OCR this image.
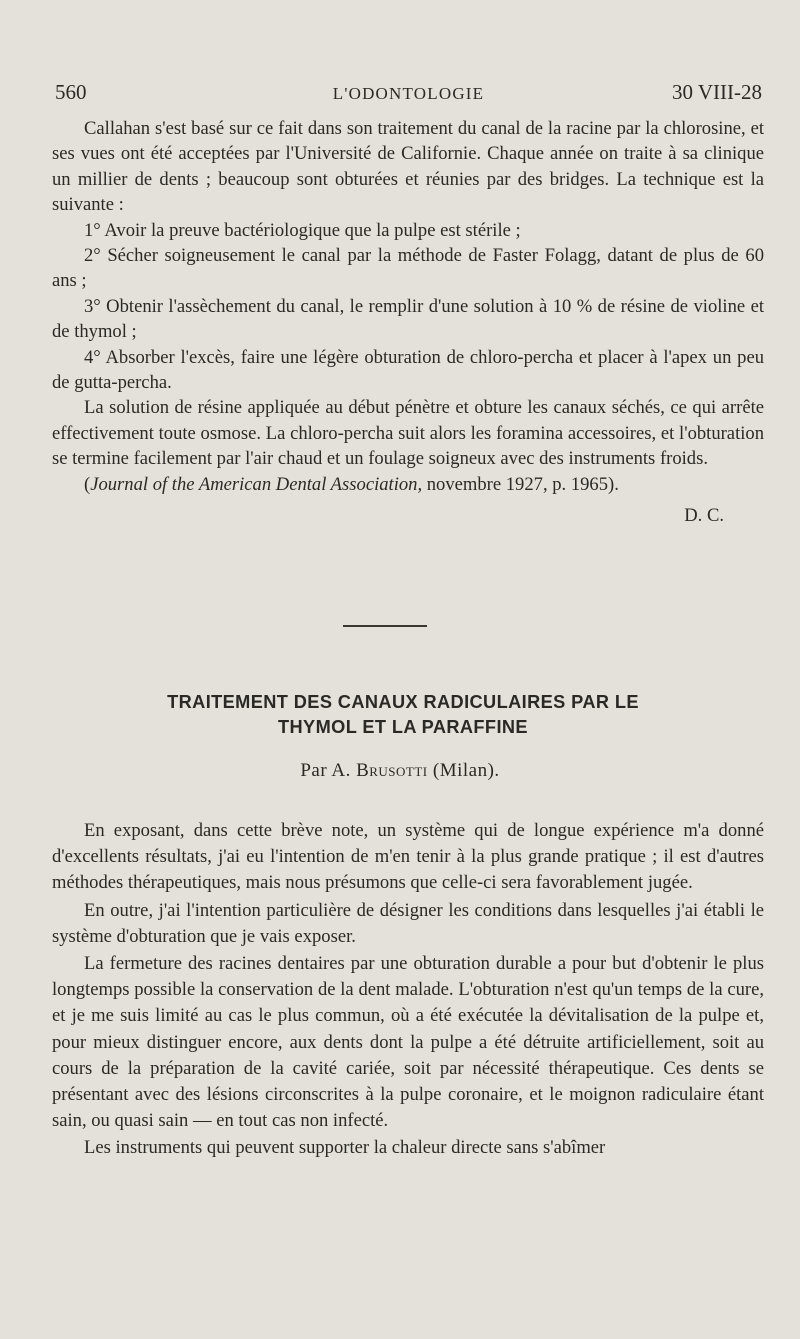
560	L'ODONTOLOGIE	30 VIII-28

Callahan s'est basé sur ce fait dans son traitement du canal de la racine par la chlorosine, et ses vues ont été acceptées par l'Université de Californie. Chaque année on traite à sa clinique un millier de dents ; beaucoup sont obturées et réunies par des bridges. La technique est la suivante :

1° Avoir la preuve bactériologique que la pulpe est stérile ;

2° Sécher soigneusement le canal par la méthode de Faster Folagg, datant de plus de 60 ans ;

3° Obtenir l'assèchement du canal, le remplir d'une solution à 10 % de résine de violine et de thymol ;

4° Absorber l'excès, faire une légère obturation de chloro-percha et placer à l'apex un peu de gutta-percha.

La solution de résine appliquée au début pénètre et obture les canaux séchés, ce qui arrête effectivement toute osmose. La chloro-percha suit alors les foramina accessoires, et l'obturation se termine facilement par l'air chaud et un foulage soigneux avec des instruments froids.

(Journal of the American Dental Association, novembre 1927, p. 1965).

D. C.

TRAITEMENT DES CANAUX RADICULAIRES PAR LE
THYMOL ET LA PARAFFINE
Par A. Brusotti (Milan).

En exposant, dans cette brève note, un système qui de longue expérience m'a donné d'excellents résultats, j'ai eu l'intention de m'en tenir à la plus grande pratique ; il est d'autres méthodes thérapeutiques, mais nous présumons que celle-ci sera favorablement jugée.

En outre, j'ai l'intention particulière de désigner les conditions dans lesquelles j'ai établi le système d'obturation que je vais exposer.

La fermeture des racines dentaires par une obturation durable a pour but d'obtenir le plus longtemps possible la conservation de la dent malade. L'obturation n'est qu'un temps de la cure, et je me suis limité au cas le plus commun, où a été exécutée la dévitalisation de la pulpe et, pour mieux distinguer encore, aux dents dont la pulpe a été détruite artificiellement, soit au cours de la préparation de la cavité cariée, soit par nécessité thérapeutique. Ces dents se présentant avec des lésions circonscrites à la pulpe coronaire, et le moignon radiculaire étant sain, ou quasi sain — en tout cas non infecté.

Les instruments qui peuvent supporter la chaleur directe sans s'abîmer
